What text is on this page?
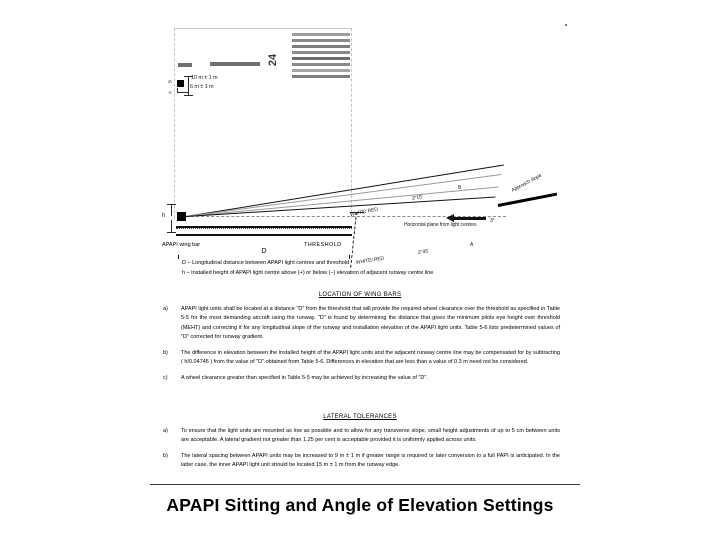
24
B
A
10 m ± 1 m
6 m ± 1 m
WHITE/ RED
2°45'
A
WHITE/ RED
3°15'
B
3°
Approach slope
Horizontal plane from light centres
h
D
APAPI wing bar	THRESHOLD
D – Longitudinal distance between APAPI light centres and threshold
h – Installed height of APAPI light centre above (+) or below (–) elevation of adjacent runway centre line
LOCATION OF WING BARS
a)	APAPI light units shall be located at a distance "D" from the threshold that will provide the required wheel clearance over the threshold as specified in Table 5-5 for the most demanding aircraft using the runway. "D" is found by determining the distance that gives the minimum pilots eye height over threshold (MEHT) and correcting it for any longitudinal slope of the runway and installation elevation of the APAPI light units. Table 5-6 lists predetermined values of "D" corrected for runway gradient.
b)	The difference in elevation between the installed height of the APAPI light units and the adjacent runway centre line may be compensated for by subtracting ( h/0.04745 ) from the value of "D" obtained from Table 5-6. Differences in elevation that are less than a value of 0.3 m need not be considered.
c)	A wheel clearance greater than specified in Table 5-5 may be achieved by increasing the value of "D".
LATERAL TOLERANCES
a)	To ensure that the light units are mounted as low as possible and to allow for any transverse slope, small height adjustments of up to 5 cm between units are acceptable. A lateral gradient not greater than 1.25 per cent is acceptable provided it is uniformly applied across units.
b)	The lateral spacing between APAPI units may be increased to 9 m ± 1 m if greater range is required or later conversion to a full PAPI is anticipated. In the latter case, the inner APAPI light unit should be located 15 m ± 1 m from the runway edge.
APAPI Sitting and Angle of Elevation Settings
